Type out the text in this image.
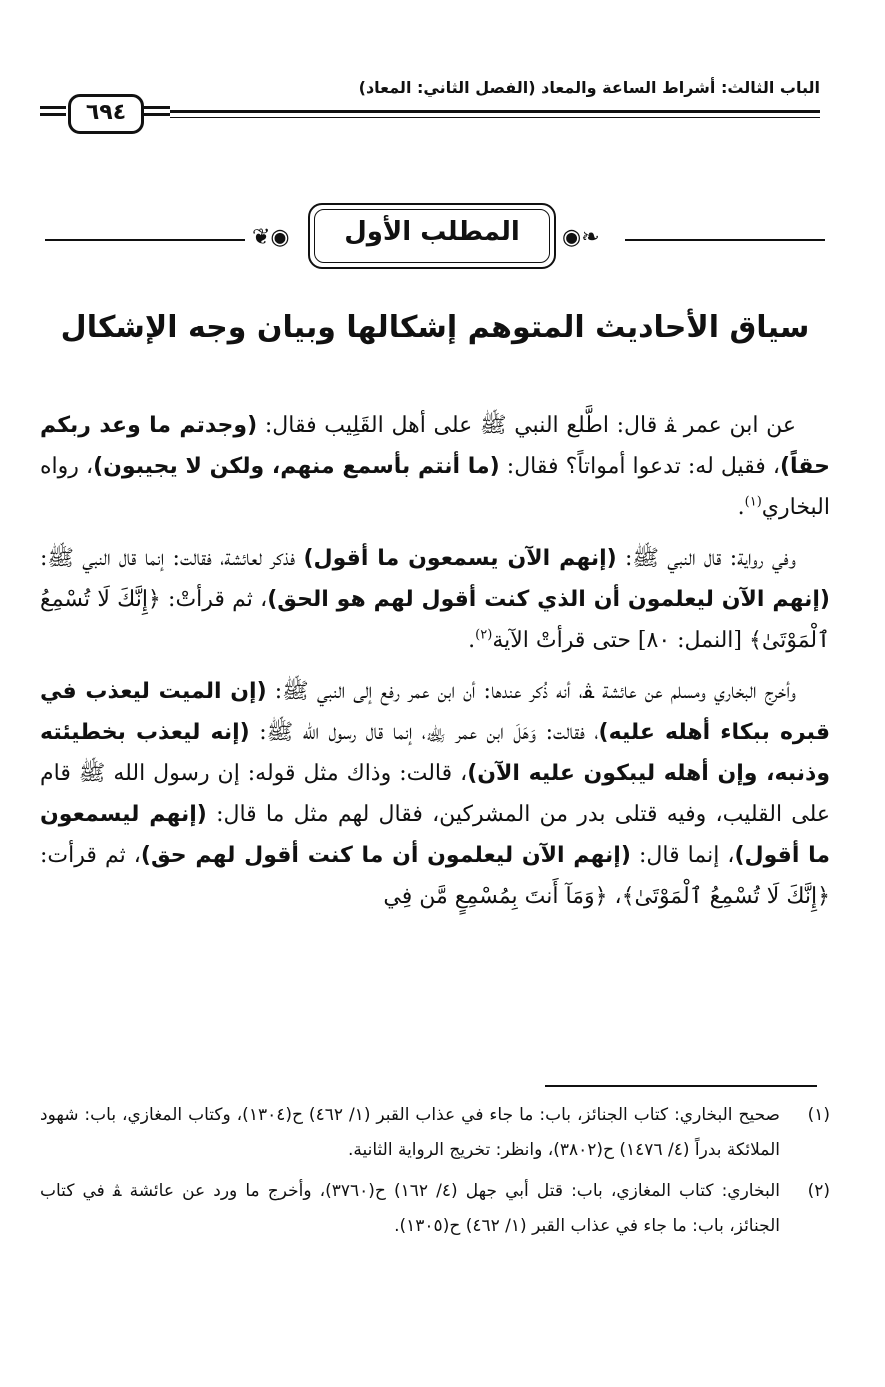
الباب الثالث: أشراط الساعة والمعاد (الفصل الثاني: المعاد)
٦٩٤
❦◉	المطلب الأول	◉❧
سياق الأحاديث المتوهم إشكالها وبيان وجه الإشكال

عن ابن عمر ﭭ قال: اطَّلع النبي ﷺ على أهل القَلِيب فقال: (وجدتم ما وعد ربكم حقاً)، فقيل له: تدعوا أمواتاً؟ فقال: (ما أنتم بأسمع منهم، ولكن لا يجيبون)، رواه البخاري$^{(١)}$.

وفي رواية: قال النبي ﷺ: (إنهم الآن يسمعون ما أقول) فذكر لعائشة، فقالت: إنما قال النبي ﷺ: (إنهم الآن ليعلمون أن الذي كنت أقول لهم هو الحق)، ثم قرأتْ: ﴿إِنَّكَ لَا تُسْمِعُ ٱلْمَوْتَىٰ﴾ [النمل: ٨٠] حتى قرأتْ الآية$^{(٢)}$.

وأخرج البخاري ومسلم عن عائشة ﭭ، أنه ذُكر عندها: أن ابن عمر رفع إلى النبي ﷺ: (إن الميت ليعذب في قبره ببكاء أهله عليه)، فقالت: وَهَلَ ابن عمر ﵀، إنما قال رسول الله ﷺ: (إنه ليعذب بخطيئته وذنبه، وإن أهله ليبكون عليه الآن)، قالت: وذاك مثل قوله: إن رسول الله ﷺ قام على القليب، وفيه قتلى بدر من المشركين، فقال لهم مثل ما قال: (إنهم ليسمعون ما أقول)، إنما قال: (إنهم الآن ليعلمون أن ما كنت أقول لهم حق)، ثم قرأت: ﴿إِنَّكَ لَا تُسْمِعُ ٱلْمَوْتَىٰ﴾، ﴿وَمَآ أَنتَ بِمُسْمِعٍ مَّن فِي

(١)
صحيح البخاري: كتاب الجنائز، باب: ما جاء في عذاب القبر (١/ ٤٦٢) ح(١٣٠٤)، وكتاب المغازي، باب: شهود الملائكة بدراً (٤/ ١٤٧٦) ح(٣٨٠٢)، وانظر: تخريج الرواية الثانية.
(٢)
البخاري: كتاب المغازي، باب: قتل أبي جهل (٤/ ١٦٢) ح(٣٧٦٠)، وأخرج ما ورد عن عائشة ﭭ في كتاب الجنائز، باب: ما جاء في عذاب القبر (١/ ٤٦٢) ح(١٣٠٥).
